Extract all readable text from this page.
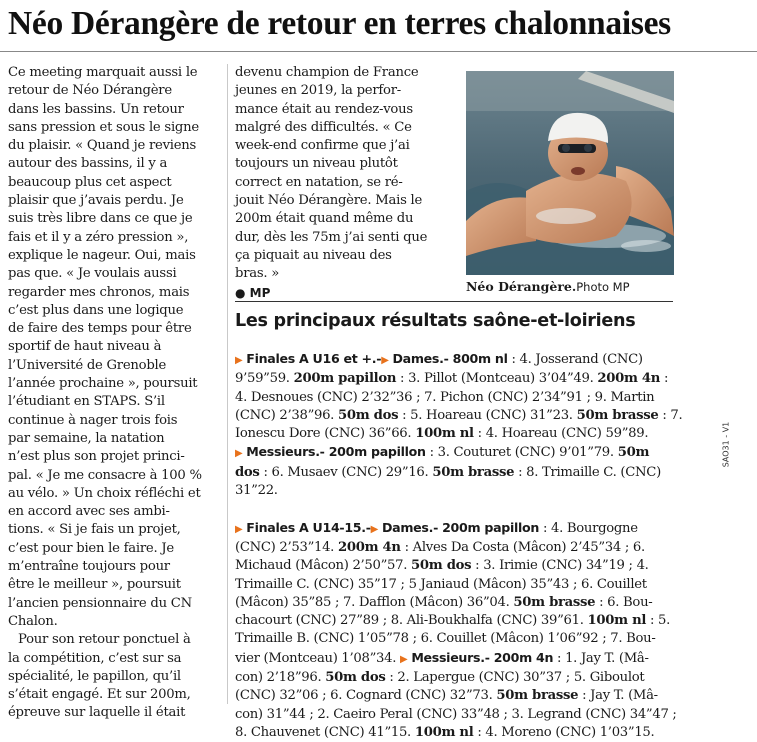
Néo Dérangère de retour en terres chalonnaises

Ce meeting marquait aussi le

retour de Néo Dérangère

dans les bassins. Un retour

sans pression et sous le signe

du plaisir. « Quand je reviens

autour des bassins, il y a

beaucoup plus cet aspect

plaisir que j’avais perdu. Je

suis très libre dans ce que je

fais et il y a zéro pression »,

explique le nageur. Oui, mais

pas que. « Je voulais aussi

regarder mes chronos, mais

c’est plus dans une logique

de faire des temps pour être

sportif de haut niveau à

l’Université de Grenoble

l’année prochaine », poursuit

l’étudiant en STAPS. S’il

continue à nager trois fois

par semaine, la natation

n’est plus son projet princi-

pal. « Je me consacre à 100 %

au vélo. » Un choix réfléchi et

en accord avec ses ambi-

tions. « Si je fais un projet,

c’est pour bien le faire. Je

m’entraîne toujours pour

être le meilleur », poursuit

l’ancien pensionnaire du CN

Chalon.

Pour son retour ponctuel à

la compétition, c’est sur sa

spécialité, le papillon, qu’il

s’était engagé. Et sur 200m,

épreuve sur laquelle il était

devenu champion de France

jeunes en 2019, la perfor-

mance était au rendez-vous

malgré des difficultés. « Ce

week-end confirme que j’ai

toujours un niveau plutôt

correct en natation, se ré-

jouit Néo Dérangère. Mais le

200m était quand même du

dur, dès les 75m j’ai senti que

ça piquait au niveau des

bras. »

● MP	Néo Dérangère.Photo MP
Les principaux résultats saône-et-loiriens
▶ Finales A U16 et +.-▶ Dames.- 800m nl : 4. Josserand (CNC)
9’59”59. 200m papillon : 3. Pillot (Montceau) 3’04”49. 200m 4n :
4. Desnoues (CNC) 2’32”36 ; 7. Pichon (CNC) 2’34”91 ; 9. Martin
(CNC) 2’38”96. 50m dos : 5. Hoareau (CNC) 31”23. 50m brasse : 7.
Ionescu Dore (CNC) 36”66. 100m nl : 4. Hoareau (CNC) 59”89.
▶ Messieurs.- 200m papillon : 3. Couturet (CNC) 9’01”79. 50m
dos : 6. Musaev (CNC) 29”16. 50m brasse : 8. Trimaille C. (CNC)
31”22.
▶ Finales A U14-15.-▶ Dames.- 200m papillon : 4. Bourgogne
(CNC) 2’53”14. 200m 4n : Alves Da Costa (Mâcon) 2’45”34 ; 6.
Michaud (Mâcon) 2’50”57. 50m dos : 3. Irimie (CNC) 34”19 ; 4.
Trimaille C. (CNC) 35”17 ; 5 Janiaud (Mâcon) 35”43 ; 6. Couillet
(Mâcon) 35”85 ; 7. Dafflon (Mâcon) 36”04. 50m brasse : 6. Bou-
chacourt (CNC) 27”89 ; 8. Ali-Boukhalfa (CNC) 39”61. 100m nl : 5.
Trimaille B. (CNC) 1’05”78 ; 6. Couillet (Mâcon) 1’06”92 ; 7. Bou-
vier (Montceau) 1’08”34. ▶ Messieurs.- 200m 4n : 1. Jay T. (Mâ-
con) 2’18”96. 50m dos : 2. Lapergue (CNC) 30”37 ; 5. Giboulot
(CNC) 32”06 ; 6. Cognard (CNC) 32”73. 50m brasse : Jay T. (Mâ-
con) 31”44 ; 2. Caeiro Peral (CNC) 33”48 ; 3. Legrand (CNC) 34”47 ;
8. Chauvenet (CNC) 41”15. 100m nl : 4. Moreno (CNC) 1’03”15.
SAO31 - V1
